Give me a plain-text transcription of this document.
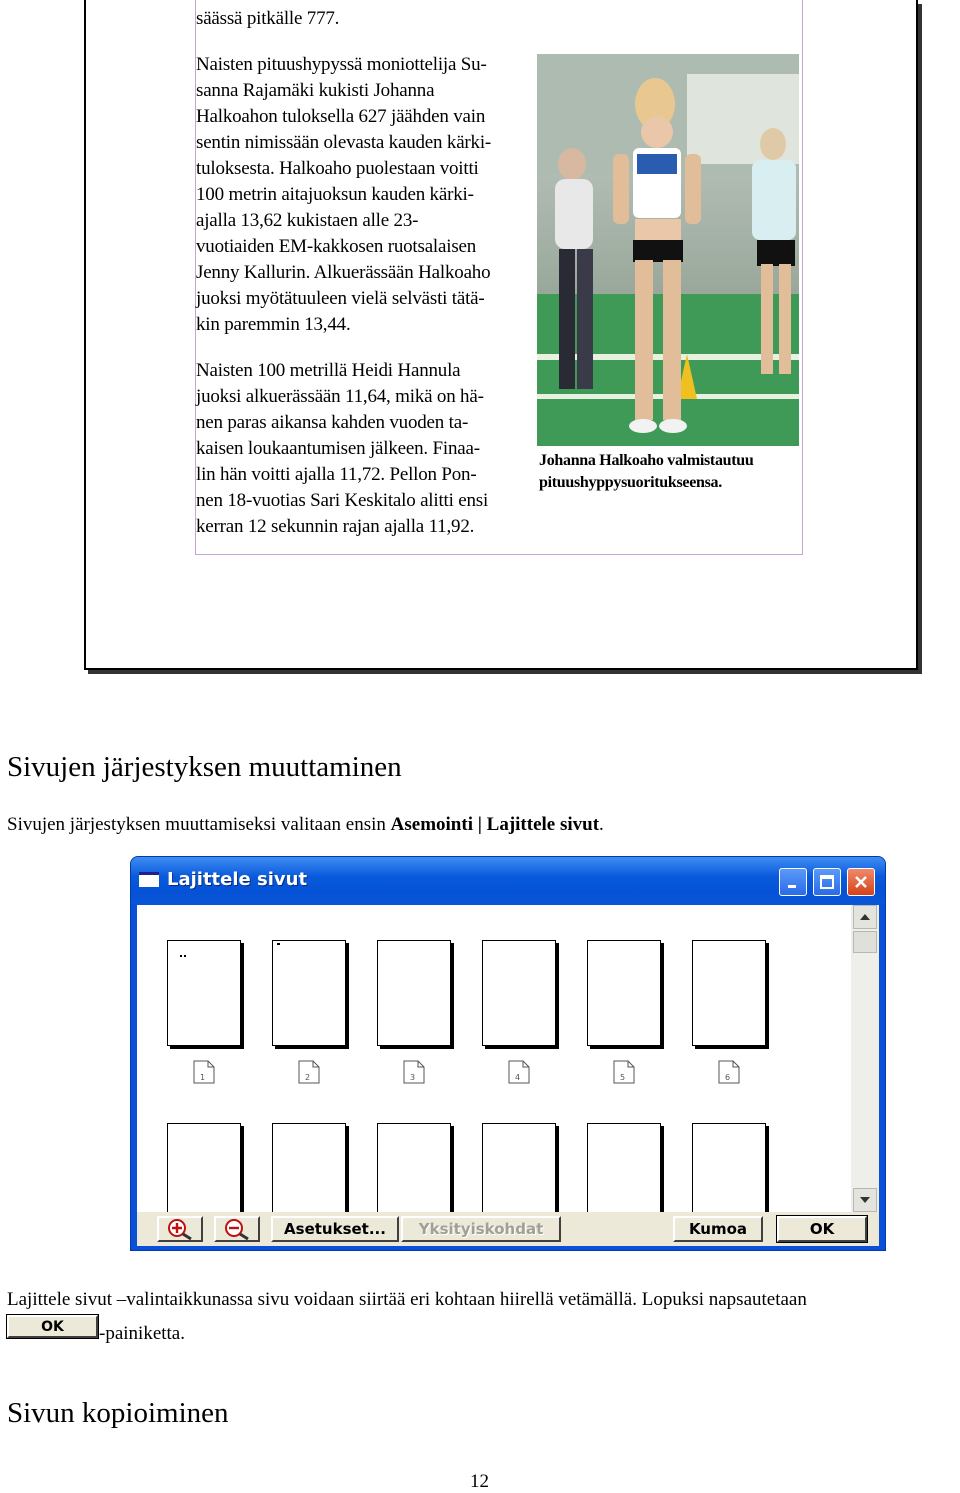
säässä pitkälle 777.
Naisten pituushypyssä moniottelija Su-
sanna Rajamäki kukisti Johanna
Halkoahon tuloksella 627 jäähden vain
sentin nimissään olevasta kauden kärki-
tuloksesta. Halkoaho puolestaan voitti
100 metrin aitajuoksun kauden kärki-
ajalla 13,62 kukistaen alle 23-
vuotiaiden EM-kakkosen ruotsalaisen
Jenny Kallurin. Alkuerässään Halkoaho
juoksi myötätuuleen vielä selvästi tätä-
kin paremmin 13,44.
Naisten 100 metrillä Heidi Hannula
juoksi alkuerässään 11,64, mikä on hä-
nen paras aikansa kahden vuoden ta-
kaisen loukaantumisen jälkeen. Finaa-
lin hän voitti ajalla 11,72. Pellon Pon-
nen 18-vuotias Sari Keskitalo alitti ensi
kerran 12 sekunnin rajan ajalla 11,92.
Johanna Halkoaho valmistautuu
pituushyppysuoritukseensa.
Sivujen järjestyksen muuttaminen
Sivujen järjestyksen muuttamiseksi valitaan ensin Asemointi | Lajittele sivut.
Lajittele sivut
1	2	3	4	5	6
Asetukset...	Yksityiskohdat	Kumoa	OK
Lajittele sivut –valintaikkunassa sivu voidaan siirtää eri kohtaan hiirellä vetämällä. Lopuksi napsautetaan
OK	-painiketta.
Sivun kopioiminen
12
